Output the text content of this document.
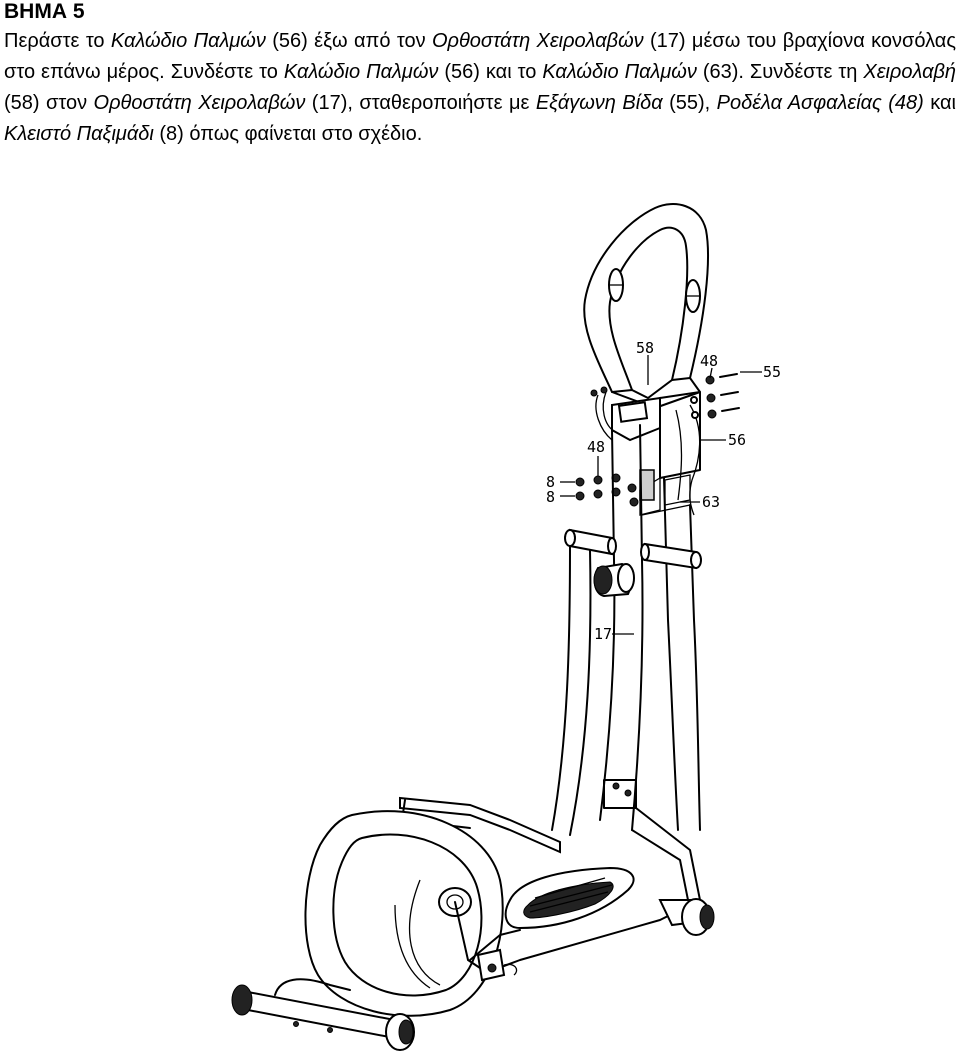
ΒΗΜΑ 5

Περάστε το Καλώδιο Παλμών (56) έξω από τον Ορθοστάτη Χειρολαβών (17) μέσω του βραχίονα κονσόλας στο επάνω μέρος. Συνδέστε το Καλώδιο Παλμών (56) και το Καλώδιο Παλμών (63). Συνδέστε τη Χειρολαβή (58) στον Ορθοστάτη Χειρολαβών (17), σταθεροποιήστε με Εξάγωνη Βίδα (55), Ροδέλα Ασφαλείας (48) και Κλειστό Παξιμάδι (8) όπως φαίνεται στο σχέδιο.

58
48
55
56
48
8
8	63
17
